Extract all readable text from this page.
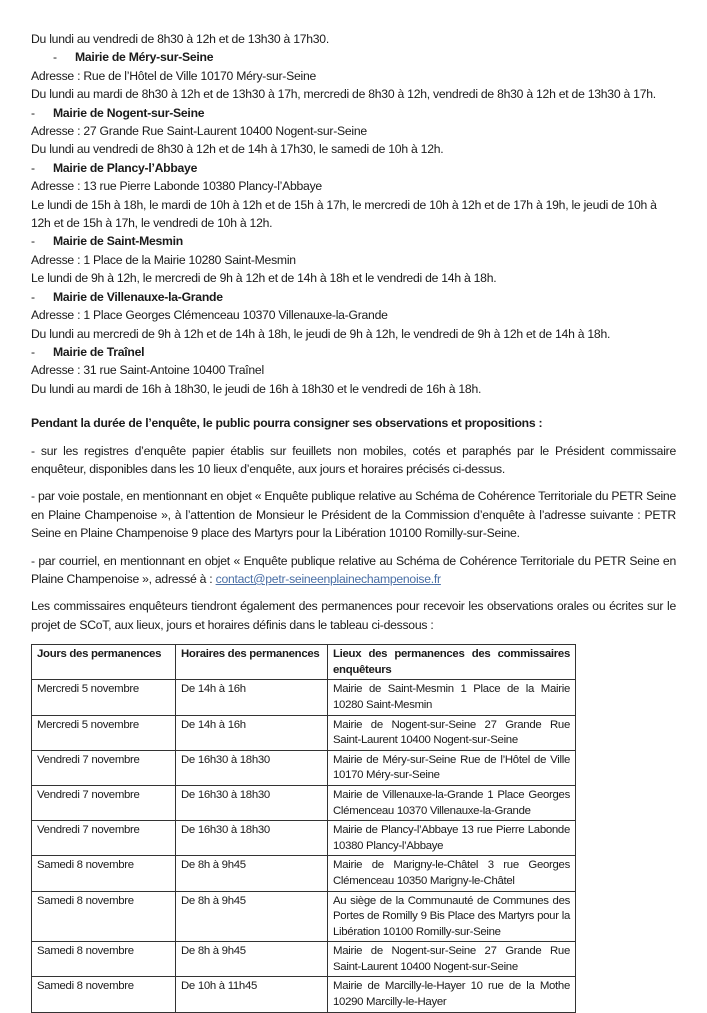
Du lundi au vendredi de 8h30 à 12h et de 13h30 à 17h30.
-	Mairie de Méry-sur-Seine
Adresse : Rue de l’Hôtel de Ville 10170 Méry-sur-Seine
Du lundi au mardi de 8h30 à 12h et de 13h30 à 17h, mercredi de 8h30 à 12h, vendredi de 8h30 à 12h et de 13h30 à 17h.
-	Mairie de Nogent-sur-Seine
Adresse : 27 Grande Rue Saint-Laurent 10400 Nogent-sur-Seine
Du lundi au vendredi de 8h30 à 12h et de 14h à 17h30, le samedi de 10h à 12h.
-	Mairie de Plancy-l’Abbaye
Adresse : 13 rue Pierre Labonde 10380 Plancy-l’Abbaye
Le lundi de 15h à 18h, le mardi de 10h à 12h et de 15h à 17h, le mercredi de 10h à 12h et de 17h à 19h, le jeudi de 10h à 12h et de 15h à 17h, le vendredi de 10h à 12h.
-	Mairie de Saint-Mesmin
Adresse : 1 Place de la Mairie 10280 Saint-Mesmin
Le lundi de 9h à 12h, le mercredi de 9h à 12h et de 14h à 18h et le vendredi de 14h à 18h.
-	Mairie de Villenauxe-la-Grande
Adresse : 1 Place Georges Clémenceau 10370 Villenauxe-la-Grande
Du lundi au mercredi de 9h à 12h et de 14h à 18h, le jeudi de 9h à 12h, le vendredi de 9h à 12h et de 14h à 18h.
-	Mairie de Traînel
Adresse : 31 rue Saint-Antoine 10400 Traînel
Du lundi au mardi de 16h à 18h30, le jeudi de 16h à 18h30 et le vendredi de 16h à 18h.
Pendant la durée de l’enquête, le public pourra consigner ses observations et propositions :
- sur les registres d’enquête papier établis sur feuillets non mobiles, cotés et paraphés par le Président commissaire enquêteur, disponibles dans les 10 lieux d’enquête, aux jours et horaires précisés ci-dessus.
- par voie postale, en mentionnant en objet « Enquête publique relative au Schéma de Cohérence Territoriale du PETR Seine en Plaine Champenoise », à l’attention de Monsieur le Président de la Commission d’enquête à l’adresse suivante : PETR Seine en Plaine Champenoise 9 place des Martyrs pour la Libération 10100 Romilly-sur-Seine.
- par courriel, en mentionnant en objet « Enquête publique relative au Schéma de Cohérence Territoriale du PETR Seine en Plaine Champenoise », adressé à : contact@petr-seineenplainechampenoise.fr
Les commissaires enquêteurs tiendront également des permanences pour recevoir les observations orales ou écrites sur le projet de SCoT, aux lieux, jours et horaires définis dans le tableau ci-dessous :
Jours des permanences	Horaires des permanences	Lieux des permanences des commissaires enquêteurs
Mercredi 5 novembre	De 14h à 16h	Mairie de Saint-Mesmin 1 Place de la Mairie 10280 Saint-Mesmin
Mercredi 5 novembre	De 14h à 16h	Mairie de Nogent-sur-Seine 27 Grande Rue Saint-Laurent 10400 Nogent-sur-Seine
Vendredi 7 novembre	De 16h30 à 18h30	Mairie de Méry-sur-Seine Rue de l’Hôtel de Ville 10170 Méry-sur-Seine
Vendredi 7 novembre	De 16h30 à 18h30	Mairie de Villenauxe-la-Grande 1 Place Georges Clémenceau 10370 Villenauxe-la-Grande
Vendredi 7 novembre	De 16h30 à 18h30	Mairie de Plancy-l’Abbaye 13 rue Pierre Labonde 10380 Plancy-l’Abbaye
Samedi 8 novembre	De 8h à 9h45	Mairie de Marigny-le-Châtel 3 rue Georges Clémenceau 10350 Marigny-le-Châtel
Samedi 8 novembre	De 8h à 9h45	Au siège de la Communauté de Communes des Portes de Romilly 9 Bis Place des Martyrs pour la Libération 10100 Romilly-sur-Seine
Samedi 8 novembre	De 8h à 9h45	Mairie de Nogent-sur-Seine 27 Grande Rue Saint-Laurent 10400 Nogent-sur-Seine
Samedi 8 novembre	De 10h à 11h45	Mairie de Marcilly-le-Hayer 10 rue de la Mothe 10290 Marcilly-le-Hayer
